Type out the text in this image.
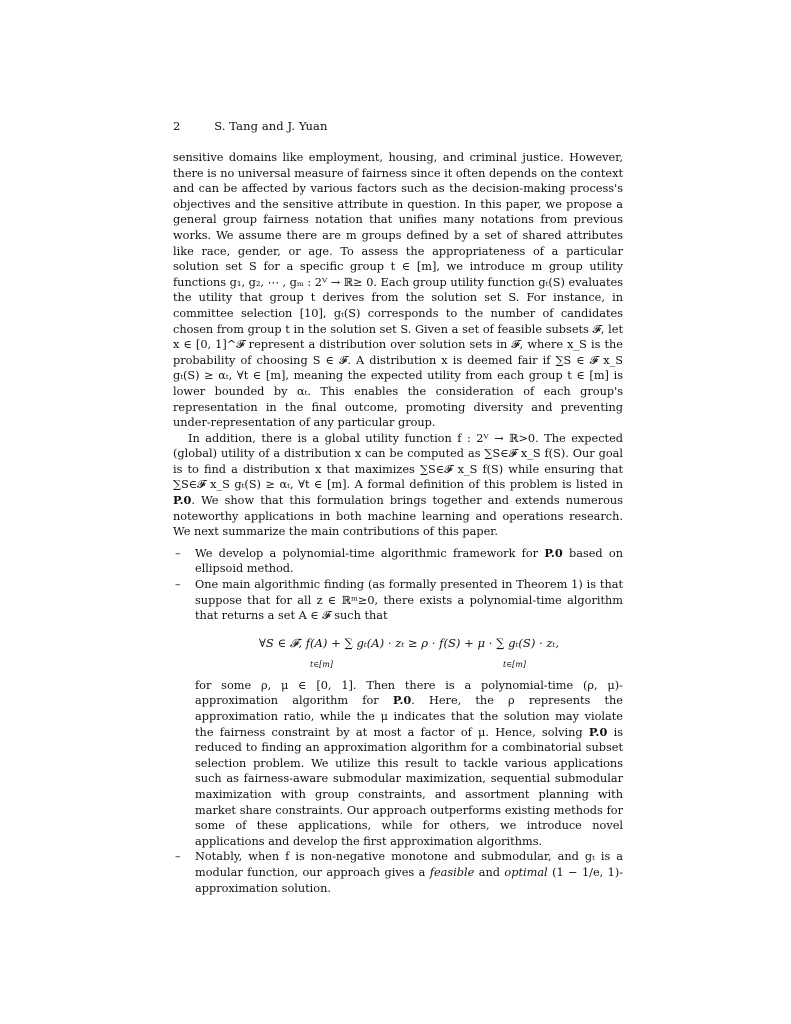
2	S. Tang and J. Yuan

sensitive domains like employment, housing, and criminal justice. However, there is no universal measure of fairness since it often depends on the context and can be affected by various factors such as the decision-making process's objectives and the sensitive attribute in question. In this paper, we propose a general group fairness notation that unifies many notations from previous works. We assume there are m groups defined by a set of shared attributes like race, gender, or age. To assess the appropriateness of a particular solution set S for a specific group t ∈ [m], we introduce m group utility functions g₁, g₂, ⋯ , gₘ : 2ⱽ → ℝ≥ 0. Each group utility function gₜ(S) evaluates the utility that group t derives from the solution set S. For instance, in committee selection [10], gₜ(S) corresponds to the number of candidates chosen from group t in the solution set S. Given a set of feasible subsets 𝓕, let x ∈ [0, 1]^𝓕 represent a distribution over solution sets in 𝓕, where x_S is the probability of choosing S ∈ 𝓕. A distribution x is deemed fair if ∑S ∈ 𝓕 x_S gₜ(S) ≥ αₜ, ∀t ∈ [m], meaning the expected utility from each group t ∈ [m] is lower bounded by αₜ. This enables the consideration of each group's representation in the final outcome, promoting diversity and preventing under-representation of any particular group.

In addition, there is a global utility function f : 2ⱽ → ℝ>0. The expected (global) utility of a distribution x can be computed as ∑S∈𝓕 x_S f(S). Our goal is to find a distribution x that maximizes ∑S∈𝓕 x_S f(S) while ensuring that ∑S∈𝓕 x_S gₜ(S) ≥ αₜ, ∀t ∈ [m]. A formal definition of this problem is listed in P.0. We show that this formulation brings together and extends numerous noteworthy applications in both machine learning and operations research. We next summarize the main contributions of this paper.

– We develop a polynomial-time algorithmic framework for P.0 based on ellipsoid method.
– One main algorithmic finding (as formally presented in Theorem 1) is that suppose that for all z ∈ ℝᵐ≥0, there exists a polynomial-time algorithm that returns a set A ∈ 𝓕 such that
∀S ∈ 𝓕, f(A) + ∑ gₜ(A) · zₜ ≥ ρ · f(S) + μ · ∑ gₜ(S) · zₜ,
t∈[m]	t∈[m]
for some ρ, μ ∈ [0, 1]. Then there is a polynomial-time (ρ, μ)-approximation algorithm for P.0. Here, the ρ represents the approximation ratio, while the μ indicates that the solution may violate the fairness constraint by at most a factor of μ. Hence, solving P.0 is reduced to finding an approximation algorithm for a combinatorial subset selection problem. We utilize this result to tackle various applications such as fairness-aware submodular maximization, sequential submodular maximization with group constraints, and assortment planning with market share constraints. Our approach outperforms existing methods for some of these applications, while for others, we introduce novel applications and develop the first approximation algorithms.
– Notably, when f is non-negative monotone and submodular, and gₜ is a modular function, our approach gives a feasible and optimal (1 − 1/e, 1)-approximation solution.
